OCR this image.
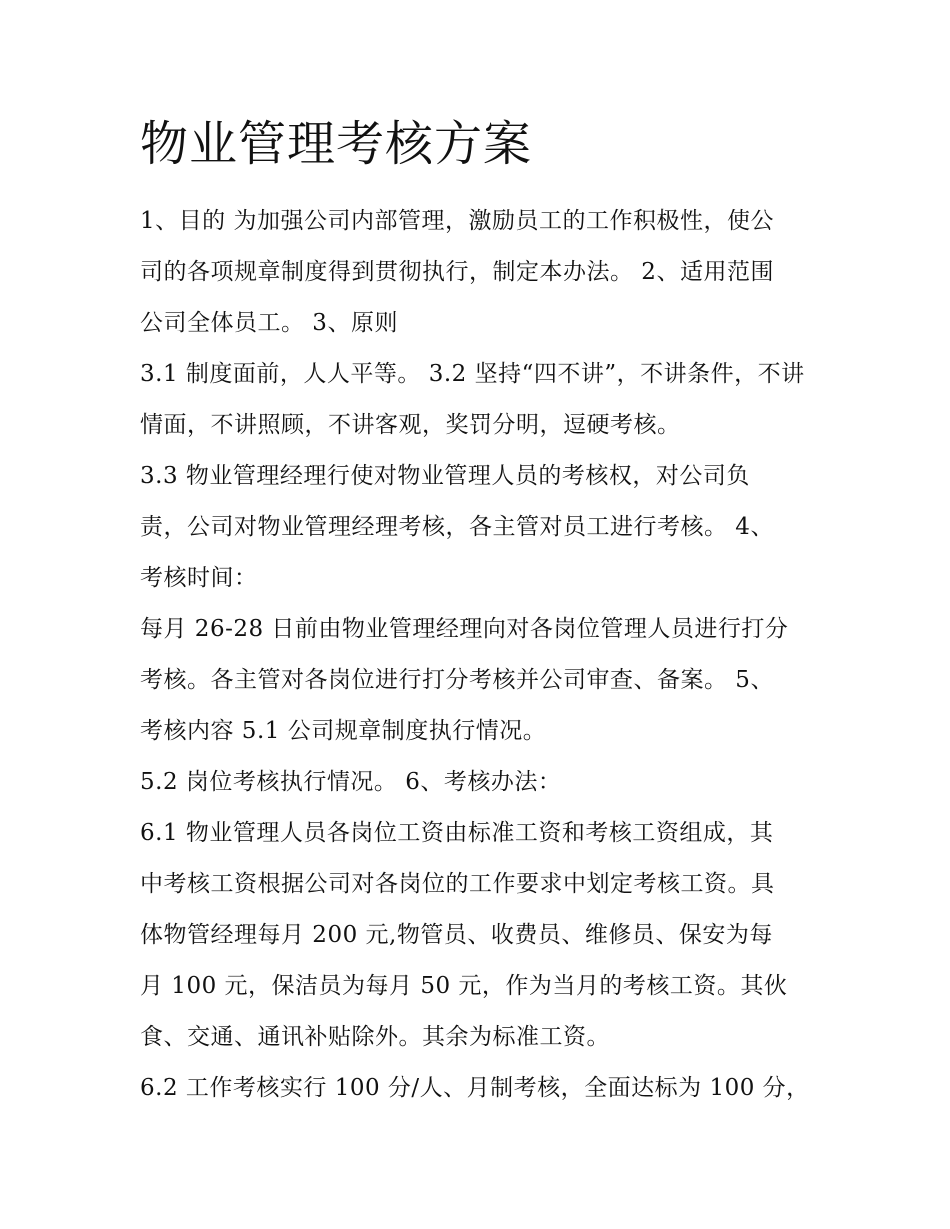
物业管理考核方案
1、目的 为加强公司内部管理，激励员工的工作积极性，使公
司的各项规章制度得到贯彻执行，制定本办法。 2、适用范围
公司全体员工。 3、原则
3.1 制度面前，人人平等。 3.2 坚持“四不讲”，不讲条件，不讲
情面，不讲照顾，不讲客观，奖罚分明，逗硬考核。
3.3 物业管理经理行使对物业管理人员的考核权，对公司负
责，公司对物业管理经理考核，各主管对员工进行考核。 4、
考核时间：
每月 26-28 日前由物业管理经理向对各岗位管理人员进行打分
考核。各主管对各岗位进行打分考核并公司审查、备案。 5、
考核内容 5.1 公司规章制度执行情况。
5.2 岗位考核执行情况。 6、考核办法：
6.1 物业管理人员各岗位工资由标准工资和考核工资组成，其
中考核工资根据公司对各岗位的工作要求中划定考核工资。具
体物管经理每月 200 元,物管员、收费员、维修员、保安为每
月 100 元，保洁员为每月 50 元，作为当月的考核工资。其伙
食、交通、通讯补贴除外。其余为标准工资。
6.2 工作考核实行 100 分/人、月制考核，全面达标为 100 分，
